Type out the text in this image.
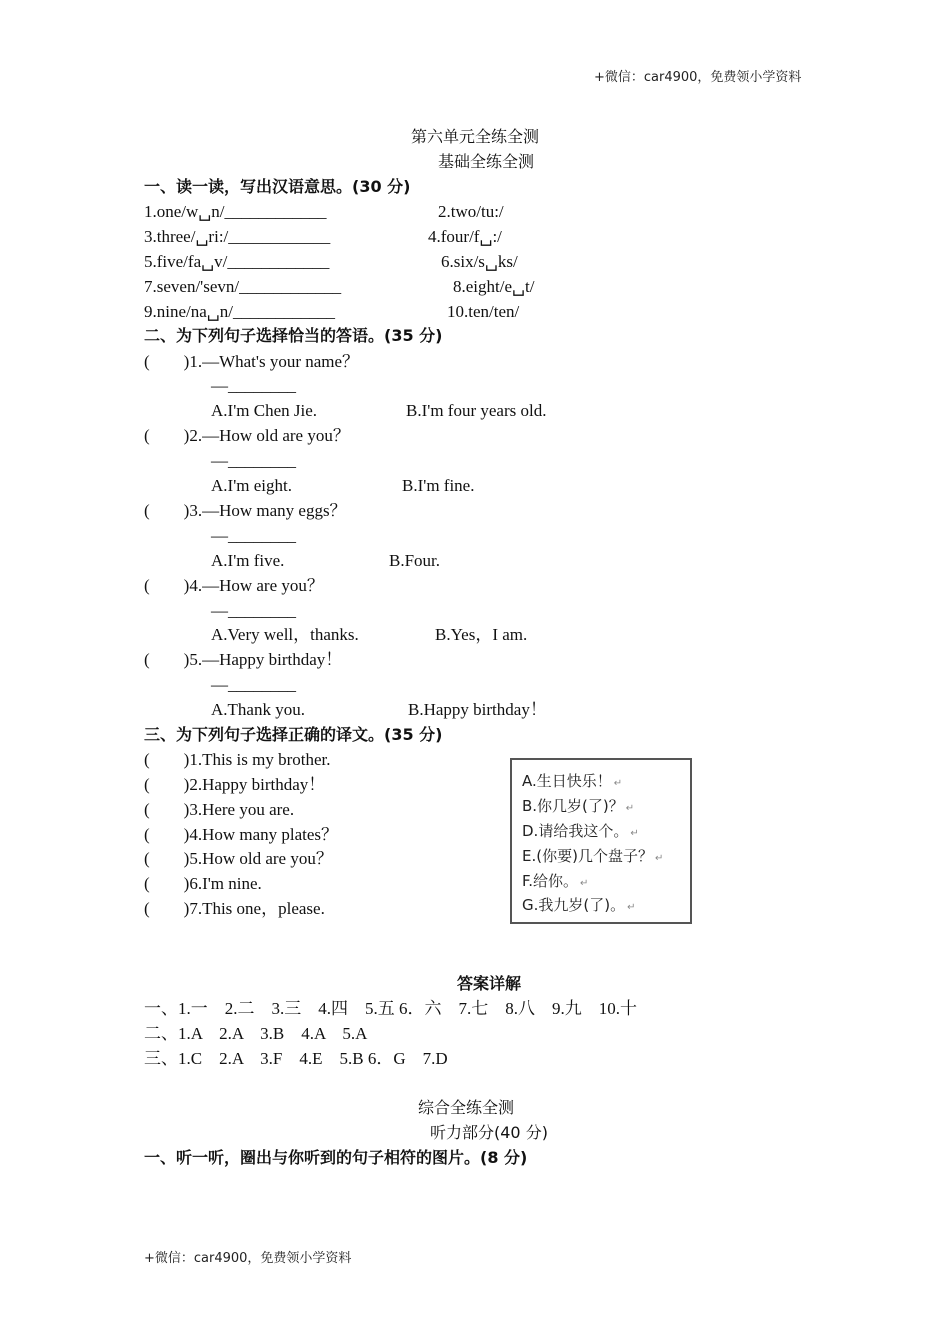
+微信：car4900，免费领小学资料
第六单元全练全测
基础全练全测
一、读一读，写出汉语意思。(30 分)
1.one/w␣n/____________	2.two/tu:/
3.three/␣ri:/____________	4.four/f␣:/
5.five/fa␣v/____________	6.six/s␣ks/
7.seven/'sevn/____________	8.eight/e␣t/
9.nine/na␣n/____________	10.ten/ten/
二、为下列句子选择恰当的答语。(35 分)
(　　)1.—What's your name？
—________
A.I'm Chen Jie.	B.I'm four years old.
(　　)2.—How old are you？
—________
A.I'm eight.	B.I'm fine.
(　　)3.—How many eggs？
—________
A.I'm five.	B.Four.
(　　)4.—How are you？
—________
A.Very well，thanks.	B.Yes，I am.
(　　)5.—Happy birthday！
—________
A.Thank you.	B.Happy birthday！
三、为下列句子选择正确的译文。(35 分)
(　　)1.This is my brother.
(　　)2.Happy birthday！
(　　)3.Here you are.
(　　)4.How many plates？
(　　)5.How old are you？
(　　)6.I'm nine.
(　　)7.This one，please.
A.生日快乐！ ↵
B.你几岁(了)？ ↵
D.请给我这个。 ↵
E.(你要)几个盘子？ ↵
F.给你。 ↵
G.我九岁(了)。 ↵
答案详解
一、1.一　2.二　3.三　4.四　5.五 6．六　7.七　8.八　9.九　10.十
二、1.A　2.A　3.B　4.A　5.A
三、1.C　2.A　3.F　4.E　5.B 6．G　7.D
综合全练全测
听力部分(40 分)
一、听一听，圈出与你听到的句子相符的图片。(8 分)
+微信：car4900，免费领小学资料
